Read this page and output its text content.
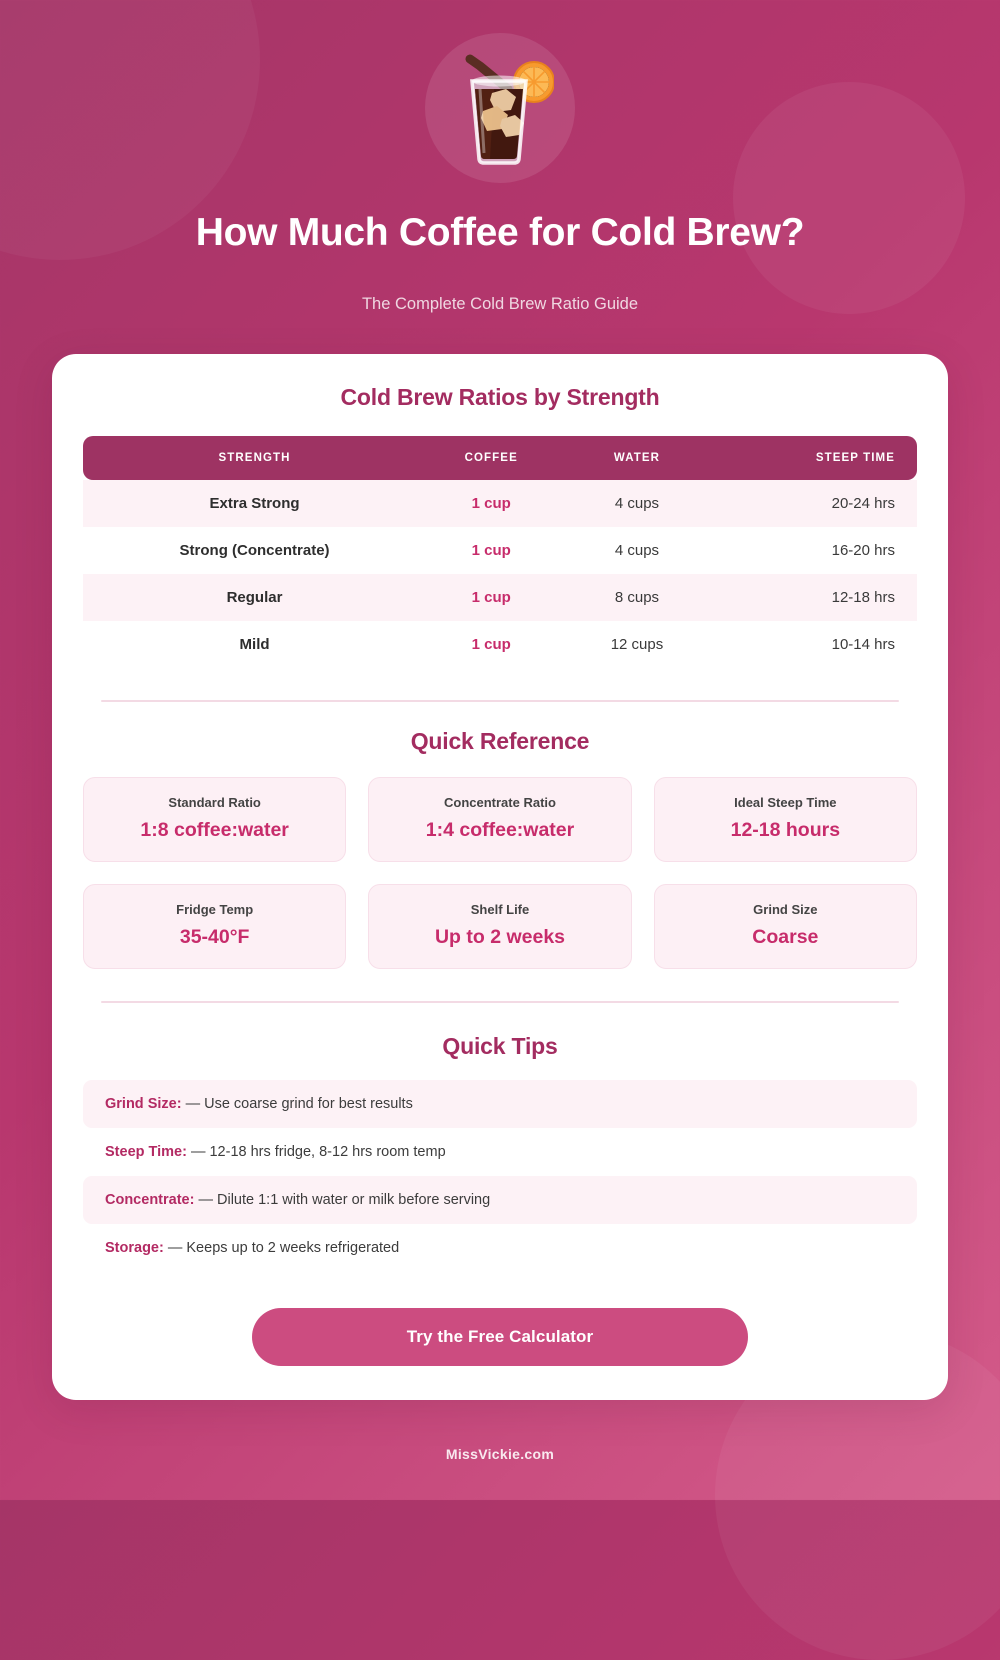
How Much Coffee for Cold Brew?
The Complete Cold Brew Ratio Guide
Cold Brew Ratios by Strength
STRENGTH	COFFEE	WATER	STEEP TIME
Extra Strong	1 cup	4 cups	20-24 hrs
Strong (Concentrate)	1 cup	4 cups	16-20 hrs
Regular	1 cup	8 cups	12-18 hrs
Mild	1 cup	12 cups	10-14 hrs
Quick Reference
Standard Ratio
1:8 coffee:water
Concentrate Ratio
1:4 coffee:water
Ideal Steep Time
12-18 hours
Fridge Temp
35-40°F
Shelf Life
Up to 2 weeks
Grind Size
Coarse
Quick Tips
Grind Size: — Use coarse grind for best results
Steep Time: — 12-18 hrs fridge, 8-12 hrs room temp
Concentrate: — Dilute 1:1 with water or milk before serving
Storage: — Keeps up to 2 weeks refrigerated
Try the Free Calculator
MissVickie.com
